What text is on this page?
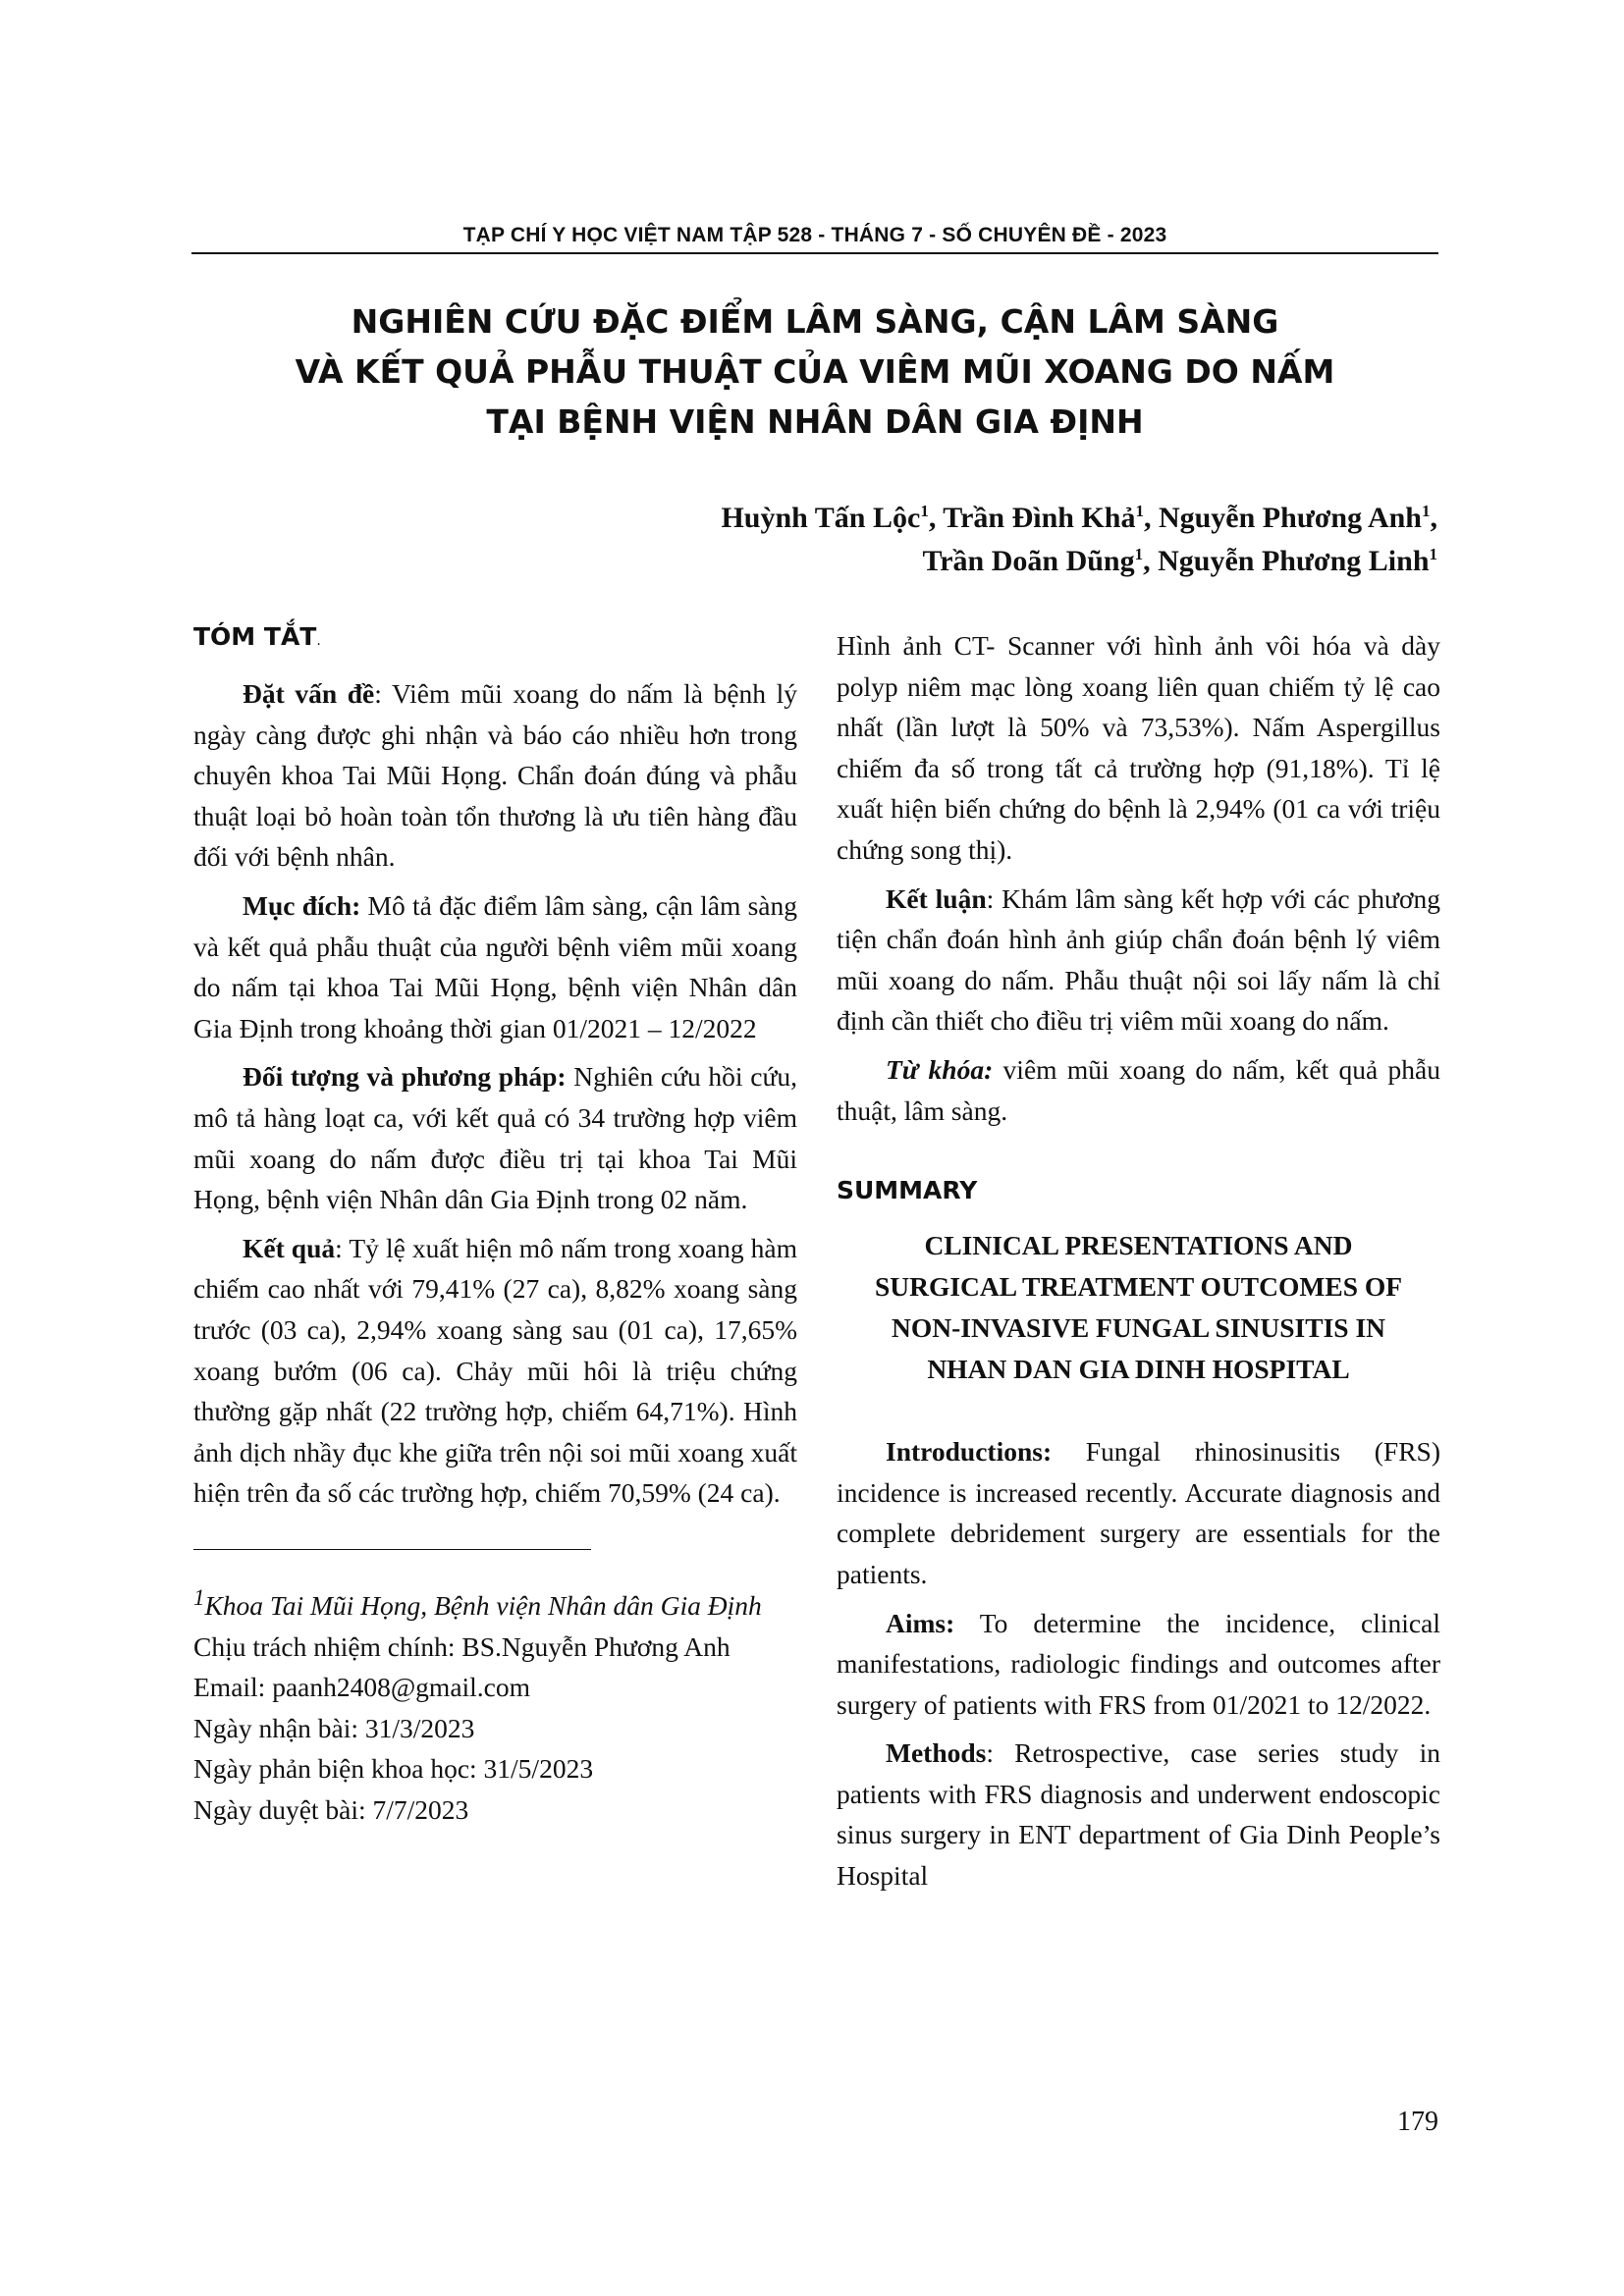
TẠP CHÍ Y HỌC VIỆT NAM TẬP 528 - THÁNG 7 - SỐ CHUYÊN ĐỀ - 2023
NGHIÊN CỨU ĐẶC ĐIỂM LÂM SÀNG, CẬN LÂM SÀNG
VÀ KẾT QUẢ PHẪU THUẬT CỦA VIÊM MŨI XOANG DO NẤM
TẠI BỆNH VIỆN NHÂN DÂN GIA ĐỊNH
Huỳnh Tấn Lộc$^1$, Trần Đình Khả$^1$, Nguyễn Phương Anh$^1$,
Trần Doãn Dũng$^1$, Nguyễn Phương Linh$^1$
TÓM TẮT.

Đặt vấn đề: Viêm mũi xoang do nấm là bệnh lý ngày càng được ghi nhận và báo cáo nhiều hơn trong chuyên khoa Tai Mũi Họng. Chẩn đoán đúng và phẫu thuật loại bỏ hoàn toàn tổn thương là ưu tiên hàng đầu đối với bệnh nhân.

Mục đích: Mô tả đặc điểm lâm sàng, cận lâm sàng và kết quả phẫu thuật của người bệnh viêm mũi xoang do nấm tại khoa Tai Mũi Họng, bệnh viện Nhân dân Gia Định trong khoảng thời gian 01/2021 – 12/2022

Đối tượng và phương pháp: Nghiên cứu hồi cứu, mô tả hàng loạt ca, với kết quả có 34 trường hợp viêm mũi xoang do nấm được điều trị tại khoa Tai Mũi Họng, bệnh viện Nhân dân Gia Định trong 02 năm.

Kết quả: Tỷ lệ xuất hiện mô nấm trong xoang hàm chiếm cao nhất với 79,41% (27 ca), 8,82% xoang sàng trước (03 ca), 2,94% xoang sàng sau (01 ca), 17,65% xoang bướm (06 ca). Chảy mũi hôi là triệu chứng thường gặp nhất (22 trường hợp, chiếm 64,71%). Hình ảnh dịch nhầy đục khe giữa trên nội soi mũi xoang xuất hiện trên đa số các trường hợp, chiếm 70,59% (24 ca).

$^1$Khoa Tai Mũi Họng, Bệnh viện Nhân dân Gia Định

Chịu trách nhiệm chính: BS.Nguyễn Phương Anh

Email: paanh2408@gmail.com

Ngày nhận bài: 31/3/2023

Ngày phản biện khoa học: 31/5/2023

Ngày duyệt bài: 7/7/2023

Hình ảnh CT- Scanner với hình ảnh vôi hóa và dày polyp niêm mạc lòng xoang liên quan chiếm tỷ lệ cao nhất (lần lượt là 50% và 73,53%). Nấm Aspergillus chiếm đa số trong tất cả trường hợp (91,18%). Tỉ lệ xuất hiện biến chứng do bệnh là 2,94% (01 ca với triệu chứng song thị).

Kết luận: Khám lâm sàng kết hợp với các phương tiện chẩn đoán hình ảnh giúp chẩn đoán bệnh lý viêm mũi xoang do nấm. Phẫu thuật nội soi lấy nấm là chỉ định cần thiết cho điều trị viêm mũi xoang do nấm.

Từ khóa: viêm mũi xoang do nấm, kết quả phẫu thuật, lâm sàng.

SUMMARY
CLINICAL PRESENTATIONS AND
SURGICAL TREATMENT OUTCOMES OF
NON-INVASIVE FUNGAL SINUSITIS IN
NHAN DAN GIA DINH HOSPITAL

Introductions: Fungal rhinosinusitis (FRS) incidence is increased recently. Accurate diagnosis and complete debridement surgery are essentials for the patients.

Aims: To determine the incidence, clinical manifestations, radiologic findings and outcomes after surgery of patients with FRS from 01/2021 to 12/2022.

Methods: Retrospective, case series study in patients with FRS diagnosis and underwent endoscopic sinus surgery in ENT department of Gia Dinh People’s Hospital

179
